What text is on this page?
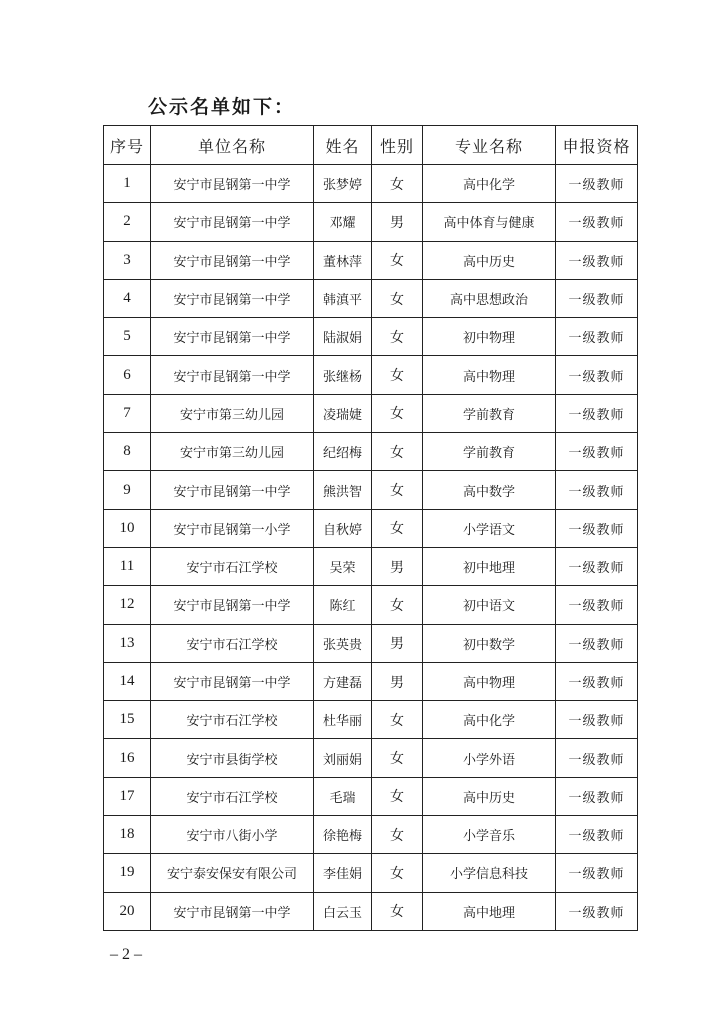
公示名单如下：
序号	单位名称	姓名	性别	专业名称	申报资格
1	安宁市昆钢第一中学	张梦婷	女	高中化学	一级教师
2	安宁市昆钢第一中学	邓耀	男	高中体育与健康	一级教师
3	安宁市昆钢第一中学	董林萍	女	高中历史	一级教师
4	安宁市昆钢第一中学	韩滇平	女	高中思想政治	一级教师
5	安宁市昆钢第一中学	陆淑娟	女	初中物理	一级教师
6	安宁市昆钢第一中学	张继杨	女	高中物理	一级教师
7	安宁市第三幼儿园	凌瑞婕	女	学前教育	一级教师
8	安宁市第三幼儿园	纪绍梅	女	学前教育	一级教师
9	安宁市昆钢第一中学	熊洪智	女	高中数学	一级教师
10	安宁市昆钢第一小学	自秋婷	女	小学语文	一级教师
11	安宁市石江学校	吴荣	男	初中地理	一级教师
12	安宁市昆钢第一中学	陈红	女	初中语文	一级教师
13	安宁市石江学校	张英贵	男	初中数学	一级教师
14	安宁市昆钢第一中学	方建磊	男	高中物理	一级教师
15	安宁市石江学校	杜华丽	女	高中化学	一级教师
16	安宁市县街学校	刘丽娟	女	小学外语	一级教师
17	安宁市石江学校	毛瑞	女	高中历史	一级教师
18	安宁市八街小学	徐艳梅	女	小学音乐	一级教师
19	安宁泰安保安有限公司	李佳娟	女	小学信息科技	一级教师
20	安宁市昆钢第一中学	白云玉	女	高中地理	一级教师
– 2 –
